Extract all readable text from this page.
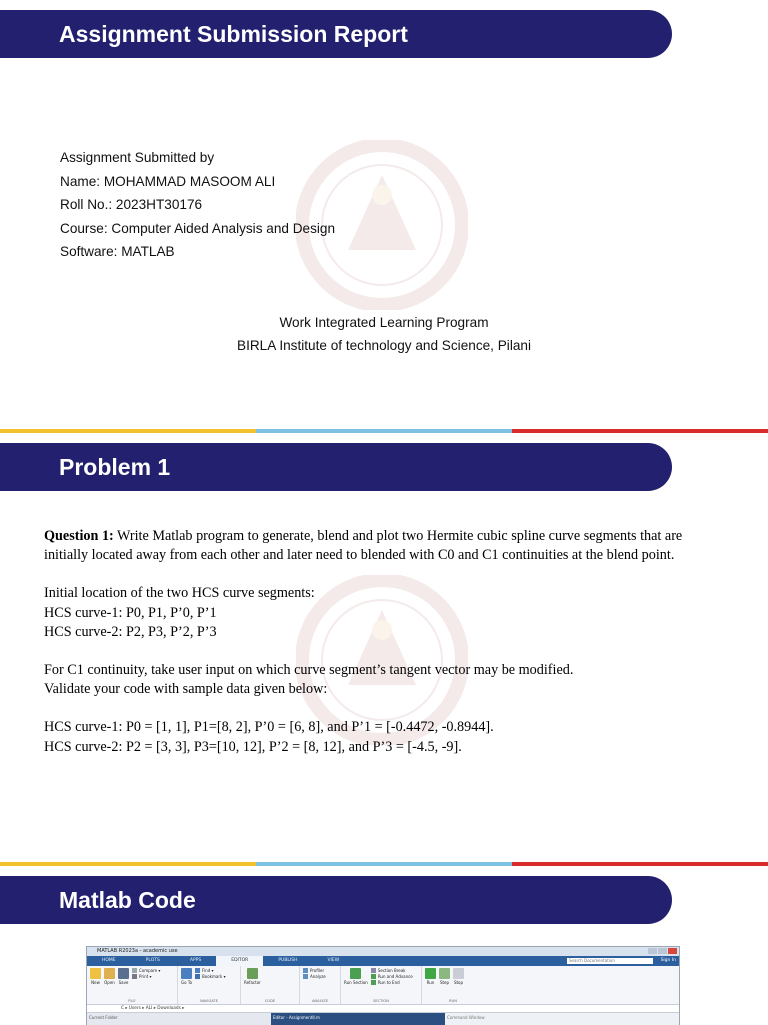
Assignment Submission Report
Assignment Submitted by
Name: MOHAMMAD MASOOM ALI
Roll No.: 2023HT30176
Course: Computer Aided Analysis and Design
Software: MATLAB
Work Integrated Learning Program
BIRLA Institute of technology and Science, Pilani
Problem 1

Question 1: Write Matlab program to generate, blend and plot two Hermite cubic spline curve segments that are initially located away from each other and later need to blended with C0 and C1 continuities at the blend point.

Initial location of the two HCS curve segments:

HCS curve-1: P0, P1, P’0, P’1

HCS curve-2: P2, P3, P’2, P’3

For C1 continuity, take user input on which curve segment’s tangent vector may be modified.

Validate your code with sample data given below:

HCS curve-1: P0 = [1, 1], P1=[8, 2], P’0 = [6, 8], and P’1 = [-0.4472, -0.8944].

HCS curve-2: P2 = [3, 3], P3=[10, 12], P’2 = [8, 12], and P’3 = [-4.5, -9].

Matlab Code
MATLAB R2023a - academic use
HOME	PLOTS	APPS	EDITOR	PUBLISH	VIEW	Search Documentation	Sign In
New Open Save
Compare ▾
Print ▾
FILE
Go To
Find ▾
Bookmark ▾
NAVIGATE
Refactor
CODE
Profiler
Analyze
ANALYZE
Run Section
Section Break
Run and Advance
Run to End
SECTION
Run Step Stop
RUN
C ▸ Users ▸ ALI ▸ Downloads ▸
Current Folder	Editor - AssignmentII.m	Command Window
